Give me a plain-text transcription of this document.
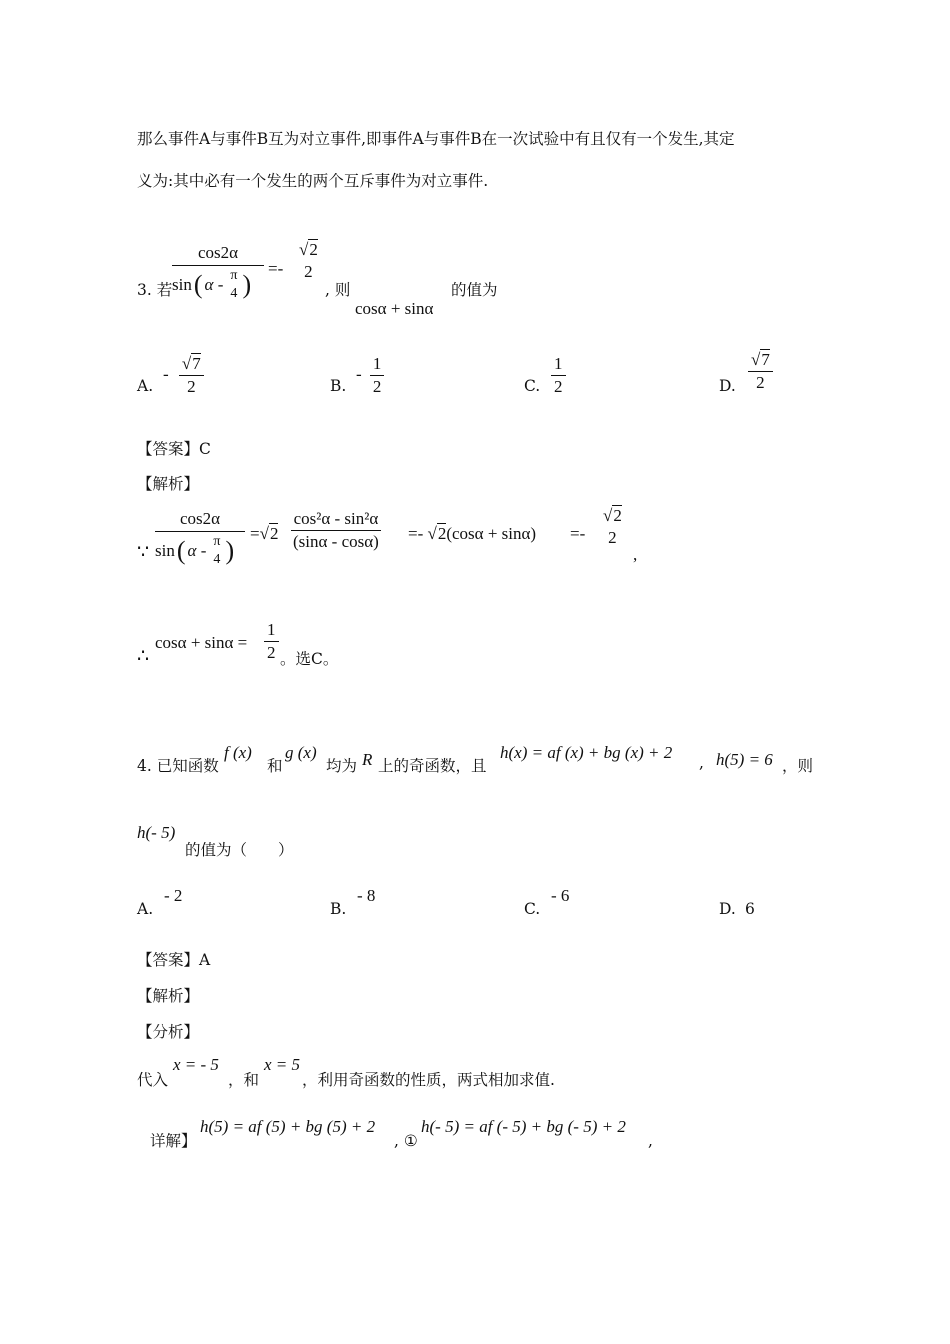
那么事件A与事件B互为对立事件,即事件A与事件B在一次试验中有且仅有一个发生,其定
义为:其中必有一个发生的两个互斥事件为对立事件.
3. 若
cos2α
sin ( α - π
4 )
=-
√2
2
, 则
cosα + sinα
的值为
A.
- $\frac{√7}{2}$	B.
- $\frac{1}{2}$	C. $\frac{1}{2}$	D. $\frac{√7}{2}$
【答案】C
【解析】
∵
cos2α
sin ( α - π
4 )
$=√2 \frac{\text{cos²α - sin²α}}{(\sin\alpha - \cos\alpha)} =- √2(\cos\alpha + \sin\alpha)$ =-
√2
2
,
∴
$\cos\alpha + \sin\alpha = \frac{1}{2}$ 。选C。
4. 已知函数
f (x)
和
g (x)
均为 R 上的奇函数，且
h(x) = af (x) + bg (x) + 2
, h(5) = 6 ，则
h(- 5)
的值为（　　）
A.
- 2
B.
- 8
C.
- 6
D. 6
【答案】A
【解析】
【分析】
代入
x = - 5
，和
x = 5
，利用奇函数的性质，两式相加求值.
详解】
h(5) = af (5) + bg (5) + 2
, ①
h(- 5) = af (- 5) + bg (- 5) + 2
,
